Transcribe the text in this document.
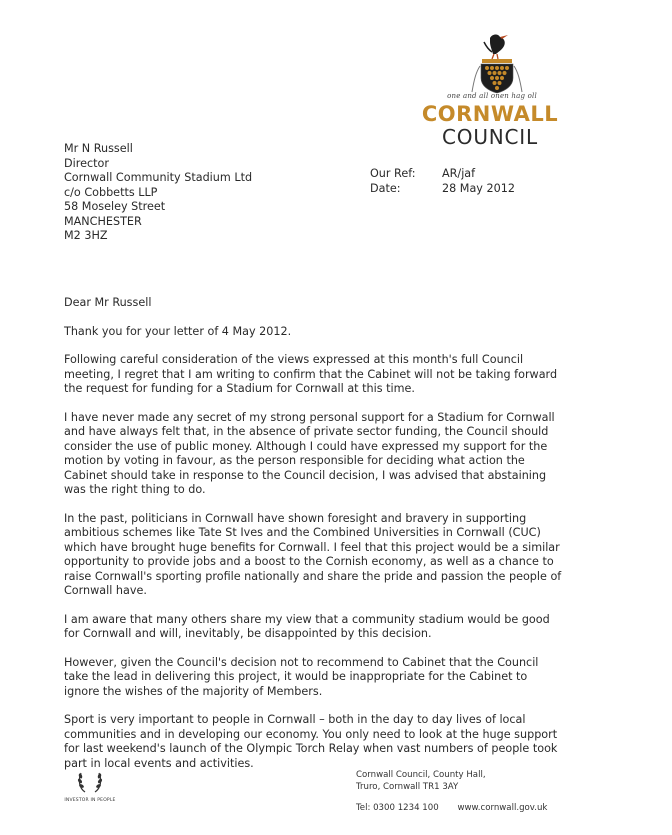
one and all onen hag oll
CORNWALL
COUNCIL
Mr N Russell
Director
Cornwall Community Stadium Ltd
c/o Cobbetts LLP
58 Moseley Street
MANCHESTER
M2 3HZ
Our Ref:	AR/jaf
Date:	28 May 2012

Dear Mr Russell

Thank you for your letter of 4 May 2012.

Following careful consideration of the views expressed at this month's full Council meeting, I regret that I am writing to confirm that the Cabinet will not be taking forward the request for funding for a Stadium for Cornwall at this time.

I have never made any secret of my strong personal support for a Stadium for Cornwall and have always felt that, in the absence of private sector funding, the Council should consider the use of public money. Although I could have expressed my support for the motion by voting in favour, as the person responsible for deciding what action the Cabinet should take in response to the Council decision, I was advised that abstaining was the right thing to do.

In the past, politicians in Cornwall have shown foresight and bravery in supporting ambitious schemes like Tate St Ives and the Combined Universities in Cornwall (CUC) which have brought huge benefits for Cornwall. I feel that this project would be a similar opportunity to provide jobs and a boost to the Cornish economy, as well as a chance to raise Cornwall's sporting profile nationally and share the pride and passion the people of Cornwall have.

I am aware that many others share my view that a community stadium would be good for Cornwall and will, inevitably, be disappointed by this decision.

However, given the Council's decision not to recommend to Cabinet that the Council take the lead in delivering this project, it would be inappropriate for the Cabinet to ignore the wishes of the majority of Members.

Sport is very important to people in Cornwall – both in the day to day lives of local communities and in developing our economy. You only need to look at the huge support for last weekend's launch of the Olympic Torch Relay when vast numbers of people took part in local events and activities.

INVESTOR IN PEOPLE
Cornwall Council, County Hall,
Truro, Cornwall TR1 3AY
Tel: 0300 1234 100 www.cornwall.gov.uk
